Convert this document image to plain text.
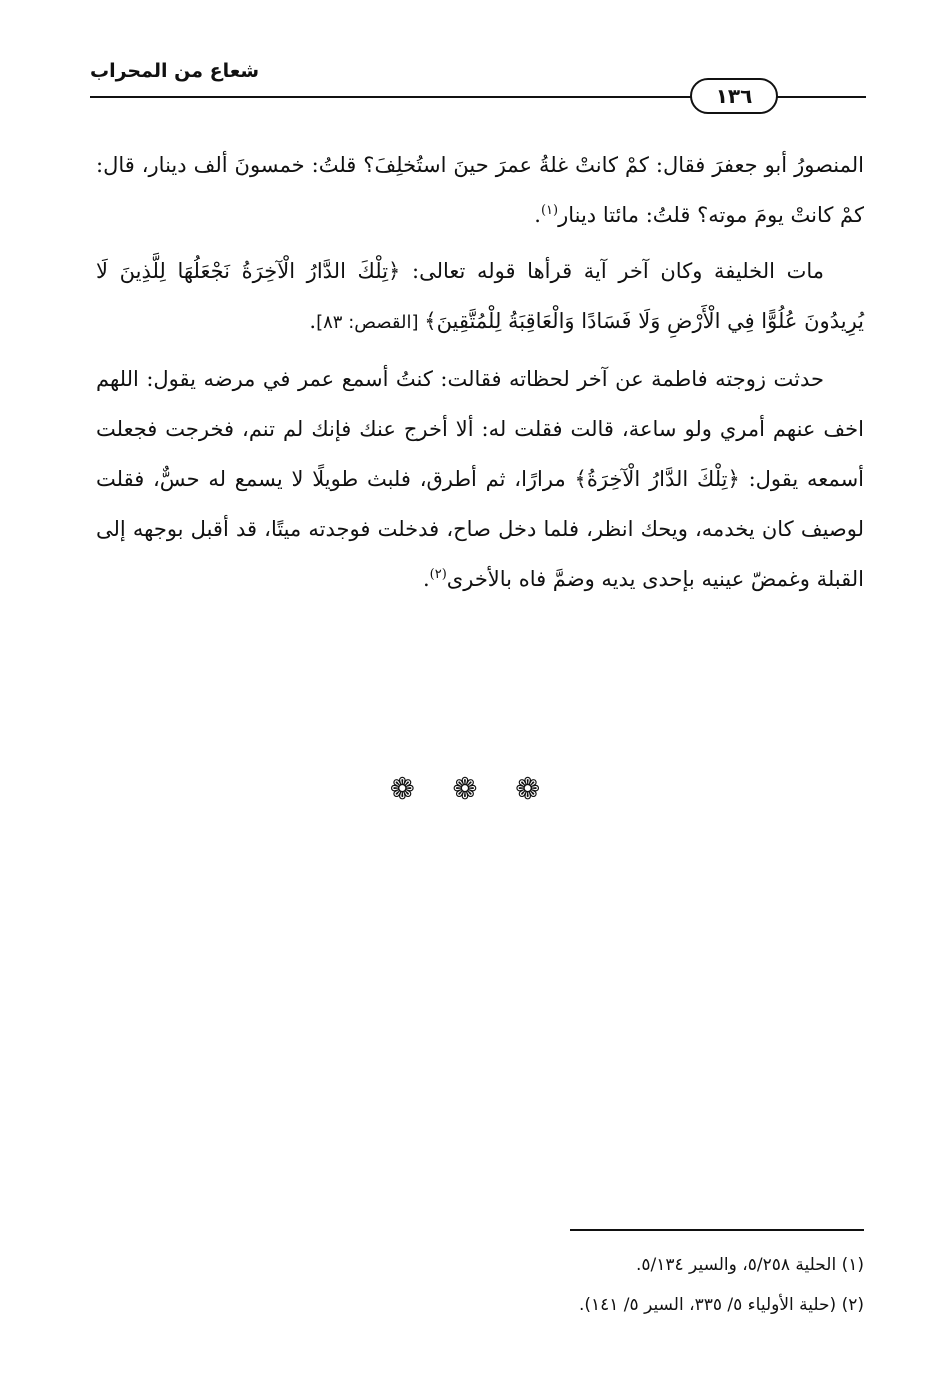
شعاع من المحراب
١٣٦

المنصورُ أبو جعفرَ فقال: كمْ كانتْ غلةُ عمرَ حينَ استُخلِفَ؟ قلتُ: خمسونَ ألف دينار، قال: كمْ كانتْ يومَ موته؟ قلتُ: مائتا دينار$^{(١)}$.

مات الخليفة وكان آخر آية قرأها قوله تعالى: ﴿تِلْكَ الدَّارُ الْآخِرَةُ نَجْعَلُهَا لِلَّذِينَ لَا يُرِيدُونَ عُلُوًّا فِي الْأَرْضِ وَلَا فَسَادًا وَالْعَاقِبَةُ لِلْمُتَّقِينَ﴾ [القصص: ٨٣].

حدثت زوجته فاطمة عن آخر لحظاته فقالت: كنتُ أسمع عمر في مرضه يقول: اللهم اخف عنهم أمري ولو ساعة، قالت فقلت له: ألا أخرج عنك فإنك لم تنم، فخرجت فجعلت أسمعه يقول: ﴿تِلْكَ الدَّارُ الْآخِرَةُ﴾ مرارًا، ثم أطرق، فلبث طويلًا لا يسمع له حسٌّ، فقلت لوصيف كان يخدمه، ويحك انظر، فلما دخل صاح، فدخلت فوجدته ميتًا، قد أقبل بوجهه إلى القبلة وغمضّ عينيه بإحدى يديه وضمَّ فاه بالأخرى$^{(٢)}$.

❁ ❁ ❁

(١) الحلية ٥/٢٥٨، والسير ٥/١٣٤.

(٢) (حلية الأولياء ٥/ ٣٣٥، السير ٥/ ١٤١).
